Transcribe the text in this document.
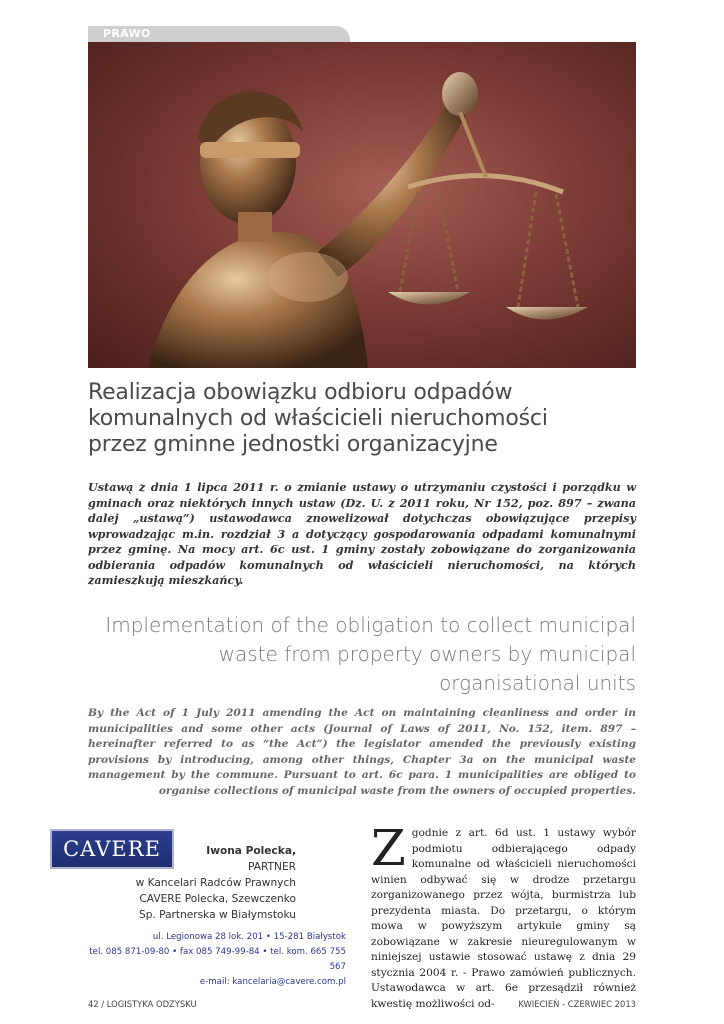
PRAWO
Realizacja obowiązku odbioru odpadów
komunalnych od właścicieli nieruchomości
przez gminne jednostki organizacyjne

Ustawą z dnia 1 lipca 2011 r. o zmianie ustawy o utrzymaniu czystości i porządku w gminach oraz niektórych innych ustaw (Dz. U. z 2011 roku, Nr 152, poz. 897 – zwana dalej „ustawą”) ustawodawca znowelizował dotychczas obowiązujące przepisy wprowadzając m.in. rozdział 3 a dotyczący gospodarowania odpadami komunalnymi przez gminę. Na mocy art. 6c ust. 1 gminy zostały zobowiązane do zorganizowania odbierania odpadów komunalnych od właścicieli nieruchomości, na których zamieszkują mieszkańcy.

Implementation of the obligation to collect municipal
waste from property owners by municipal
organisational units

By the Act of 1 July 2011 amending the Act on maintaining cleanliness and order in municipalities and some other acts (Journal of Laws of 2011, No. 152, item. 897 – hereinafter referred to as “the Act”) the legislator amended the previously existing provisions by introducing, among other things, Chapter 3a on the municipal waste management by the commune. Pursuant to art. 6c para. 1 municipalities are obliged to organise collections of municipal waste from the owners of occupied properties.

CAVERE	Iwona Polecka,
PARTNER
w Kancelari Radców Prawnych
CAVERE Polecka, Szewczenko
Sp. Partnerska w Białymstoku
ul. Legionowa 28 lok. 201 • 15-281 Białystok
tel. 085 871-09-80 • fax 085 749-99-84 • tel. kom. 665 755 567
e-mail: kancelaria@cavere.com.pl
Z godnie z art. 6d ust. 1 ustawy wybór podmiotu odbierającego odpady komunalne od właścicieli nieruchomości winien odbywać się w drodze przetargu zorganizowanego przez wójta, burmistrza lub prezydenta miasta. Do przetargu, o którym mowa w powyższym artykule gminy są zobowiązane w zakresie nieuregulowanym w niniejszej ustawie stosować ustawę z dnia 29 stycznia 2004 r. - Prawo zamówień publicznych. Ustawodawca w art. 6e przesądził również kwestię możliwości od-
42 / LOGISTYKA ODZYSKU	KWIECIEŃ - CZERWIEC 2013
